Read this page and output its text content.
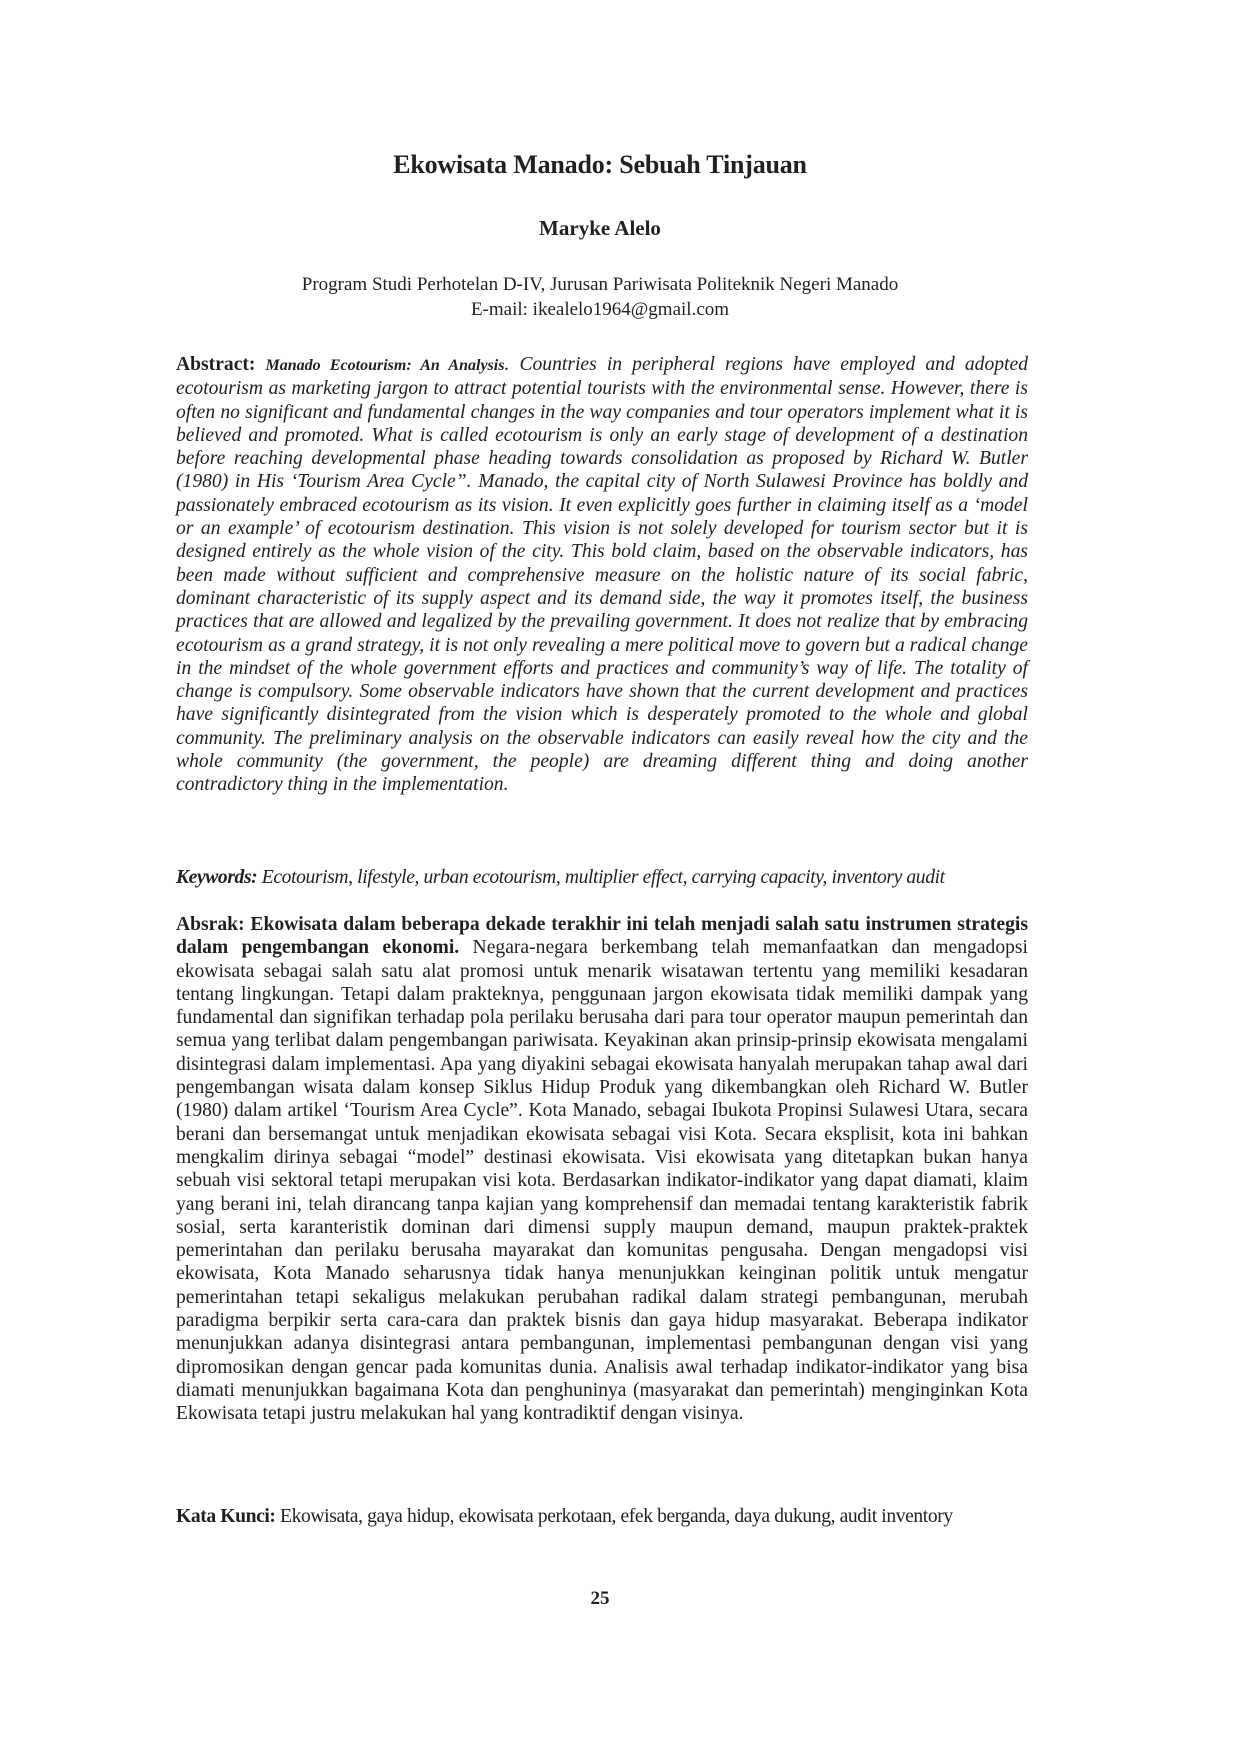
Ekowisata Manado: Sebuah Tinjauan
Maryke Alelo
Program Studi Perhotelan D-IV, Jurusan Pariwisata Politeknik Negeri Manado
E-mail: ikealelo1964@gmail.com
Abstract: Manado Ecotourism: An Analysis. Countries in peripheral regions have employed and adopted ecotourism as marketing jargon to attract potential tourists with the environmental sense. However, there is often no significant and fundamental changes in the way companies and tour operators implement what it is believed and promoted. What is called ecotourism is only an early stage of development of a destination before reaching developmental phase heading towards consolidation as proposed by Richard W. Butler (1980) in His ‘Tourism Area Cycle”. Manado, the capital city of North Sulawesi Province has boldly and passionately embraced ecotourism as its vision. It even explicitly goes further in claiming itself as a ‘model or an example’ of ecotourism destination. This vision is not solely developed for tourism sector but it is designed entirely as the whole vision of the city. This bold claim, based on the observable indicators, has been made without sufficient and comprehensive measure on the holistic nature of its social fabric, dominant characteristic of its supply aspect and its demand side, the way it promotes itself, the business practices that are allowed and legalized by the prevailing government. It does not realize that by embracing ecotourism as a grand strategy, it is not only revealing a mere political move to govern but a radical change in the mindset of the whole government efforts and practices and community’s way of life. The totality of change is compulsory. Some observable indicators have shown that the current development and practices have significantly disintegrated from the vision which is desperately promoted to the whole and global community. The preliminary analysis on the observable indicators can easily reveal how the city and the whole community (the government, the people) are dreaming different thing and doing another contradictory thing in the implementation.
Keywords: Ecotourism, lifestyle, urban ecotourism, multiplier effect, carrying capacity, inventory audit
Absrak: Ekowisata dalam beberapa dekade terakhir ini telah menjadi salah satu instrumen strategis dalam pengembangan ekonomi. Negara-negara berkembang telah memanfaatkan dan mengadopsi ekowisata sebagai salah satu alat promosi untuk menarik wisatawan tertentu yang memiliki kesadaran tentang lingkungan. Tetapi dalam prakteknya, penggunaan jargon ekowisata tidak memiliki dampak yang fundamental dan signifikan terhadap pola perilaku berusaha dari para tour operator maupun pemerintah dan semua yang terlibat dalam pengembangan pariwisata. Keyakinan akan prinsip-prinsip ekowisata mengalami disintegrasi dalam implementasi. Apa yang diyakini sebagai ekowisata hanyalah merupakan tahap awal dari pengembangan wisata dalam konsep Siklus Hidup Produk yang dikembangkan oleh Richard W. Butler (1980) dalam artikel ‘Tourism Area Cycle”. Kota Manado, sebagai Ibukota Propinsi Sulawesi Utara, secara berani dan bersemangat untuk menjadikan ekowisata sebagai visi Kota. Secara eksplisit, kota ini bahkan mengkalim dirinya sebagai “model” destinasi ekowisata. Visi ekowisata yang ditetapkan bukan hanya sebuah visi sektoral tetapi merupakan visi kota. Berdasarkan indikator-indikator yang dapat diamati, klaim yang berani ini, telah dirancang tanpa kajian yang komprehensif dan memadai tentang karakteristik fabrik sosial, serta karanteristik dominan dari dimensi supply maupun demand, maupun praktek-praktek pemerintahan dan perilaku berusaha mayarakat dan komunitas pengusaha. Dengan mengadopsi visi ekowisata, Kota Manado seharusnya tidak hanya menunjukkan keinginan politik untuk mengatur pemerintahan tetapi sekaligus melakukan perubahan radikal dalam strategi pembangunan, merubah paradigma berpikir serta cara-cara dan praktek bisnis dan gaya hidup masyarakat. Beberapa indikator menunjukkan adanya disintegrasi antara pembangunan, implementasi pembangunan dengan visi yang dipromosikan dengan gencar pada komunitas dunia. Analisis awal terhadap indikator-indikator yang bisa diamati menunjukkan bagaimana Kota dan penghuninya (masyarakat dan pemerintah) menginginkan Kota Ekowisata tetapi justru melakukan hal yang kontradiktif dengan visinya.
Kata Kunci: Ekowisata, gaya hidup, ekowisata perkotaan, efek berganda, daya dukung, audit inventory
25
